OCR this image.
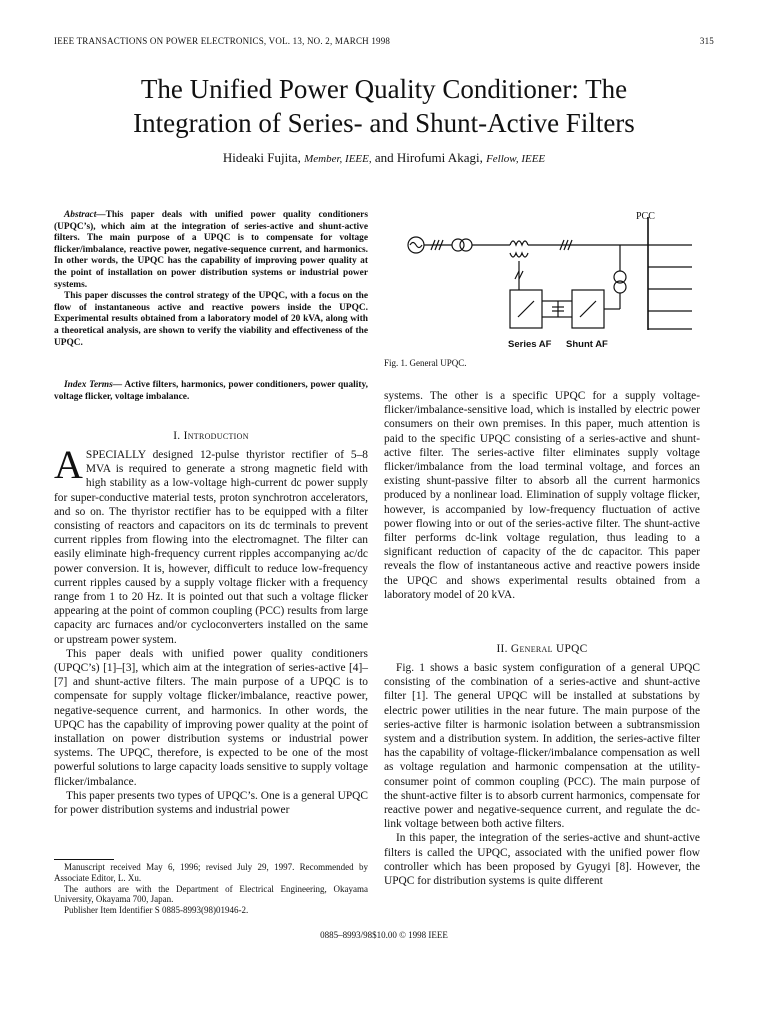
IEEE TRANSACTIONS ON POWER ELECTRONICS, VOL. 13, NO. 2, MARCH 1998	315
The Unified Power Quality Conditioner: The
Integration of Series- and Shunt-Active Filters
Hideaki Fujita, Member, IEEE, and Hirofumi Akagi, Fellow, IEEE

Abstract—This paper deals with unified power quality conditioners (UPQC’s), which aim at the integration of series-active and shunt-active filters. The main purpose of a UPQC is to compensate for voltage flicker/imbalance, reactive power, negative-sequence current, and harmonics. In other words, the UPQC has the capability of improving power quality at the point of installation on power distribution systems or industrial power systems.

This paper discusses the control strategy of the UPQC, with a focus on the flow of instantaneous active and reactive powers inside the UPQC. Experimental results obtained from a laboratory model of 20 kVA, along with a theoretical analysis, are shown to verify the viability and effectiveness of the UPQC.

Index Terms— Active filters, harmonics, power conditioners, power quality, voltage flicker, voltage imbalance.

I. Introduction

ASPECIALLY designed 12-pulse thyristor rectifier of 5–8 MVA is required to generate a strong magnetic field with high stability as a low-voltage high-current dc power supply for super-conductive material tests, proton synchrotron accelerators, and so on. The thyristor rectifier has to be equipped with a filter consisting of reactors and capacitors on its dc terminals to prevent current ripples from flowing into the electromagnet. The filter can easily eliminate high-frequency current ripples accompanying ac/dc power conversion. It is, however, difficult to reduce low-frequency current ripples caused by a supply voltage flicker with a frequency range from 1 to 20 Hz. It is pointed out that such a voltage flicker appearing at the point of common coupling (PCC) results from large capacity arc furnaces and/or cycloconverters installed on the same or upstream power system.

This paper deals with unified power quality conditioners (UPQC’s) [1]–[3], which aim at the integration of series-active [4]–[7] and shunt-active filters. The main purpose of a UPQC is to compensate for supply voltage flicker/imbalance, reactive power, negative-sequence current, and harmonics. In other words, the UPQC has the capability of improving power quality at the point of installation on power distribution systems or industrial power systems. The UPQC, therefore, is expected to be one of the most powerful solutions to large capacity loads sensitive to supply voltage flicker/imbalance.

This paper presents two types of UPQC’s. One is a general UPQC for power distribution systems and industrial power

Manuscript received May 6, 1996; revised July 29, 1997. Recommended by Associate Editor, L. Xu.

The authors are with the Department of Electrical Engineering, Okayama University, Okayama 700, Japan.

Publisher Item Identifier S 0885-8993(98)01946-2.

PCC
Series AF Shunt AF
Fig. 1. General UPQC.

systems. The other is a specific UPQC for a supply voltage-flicker/imbalance-sensitive load, which is installed by electric power consumers on their own premises. In this paper, much attention is paid to the specific UPQC consisting of a series-active and shunt-active filter. The series-active filter eliminates supply voltage flicker/imbalance from the load terminal voltage, and forces an existing shunt-passive filter to absorb all the current harmonics produced by a nonlinear load. Elimination of supply voltage flicker, however, is accompanied by low-frequency fluctuation of active power flowing into or out of the series-active filter. The shunt-active filter performs dc-link voltage regulation, thus leading to a significant reduction of capacity of the dc capacitor. This paper reveals the flow of instantaneous active and reactive powers inside the UPQC and shows experimental results obtained from a laboratory model of 20 kVA.

II. General UPQC

Fig. 1 shows a basic system configuration of a general UPQC consisting of the combination of a series-active and shunt-active filter [1]. The general UPQC will be installed at substations by electric power utilities in the near future. The main purpose of the series-active filter is harmonic isolation between a subtransmission system and a distribution system. In addition, the series-active filter has the capability of voltage-flicker/imbalance compensation as well as voltage regulation and harmonic compensation at the utility-consumer point of common coupling (PCC). The main purpose of the shunt-active filter is to absorb current harmonics, compensate for reactive power and negative-sequence current, and regulate the dc-link voltage between both active filters.

In this paper, the integration of the series-active and shunt-active filters is called the UPQC, associated with the unified power flow controller which has been proposed by Gyugyi [8]. However, the UPQC for distribution systems is quite different

0885–8993/98$10.00 © 1998 IEEE
